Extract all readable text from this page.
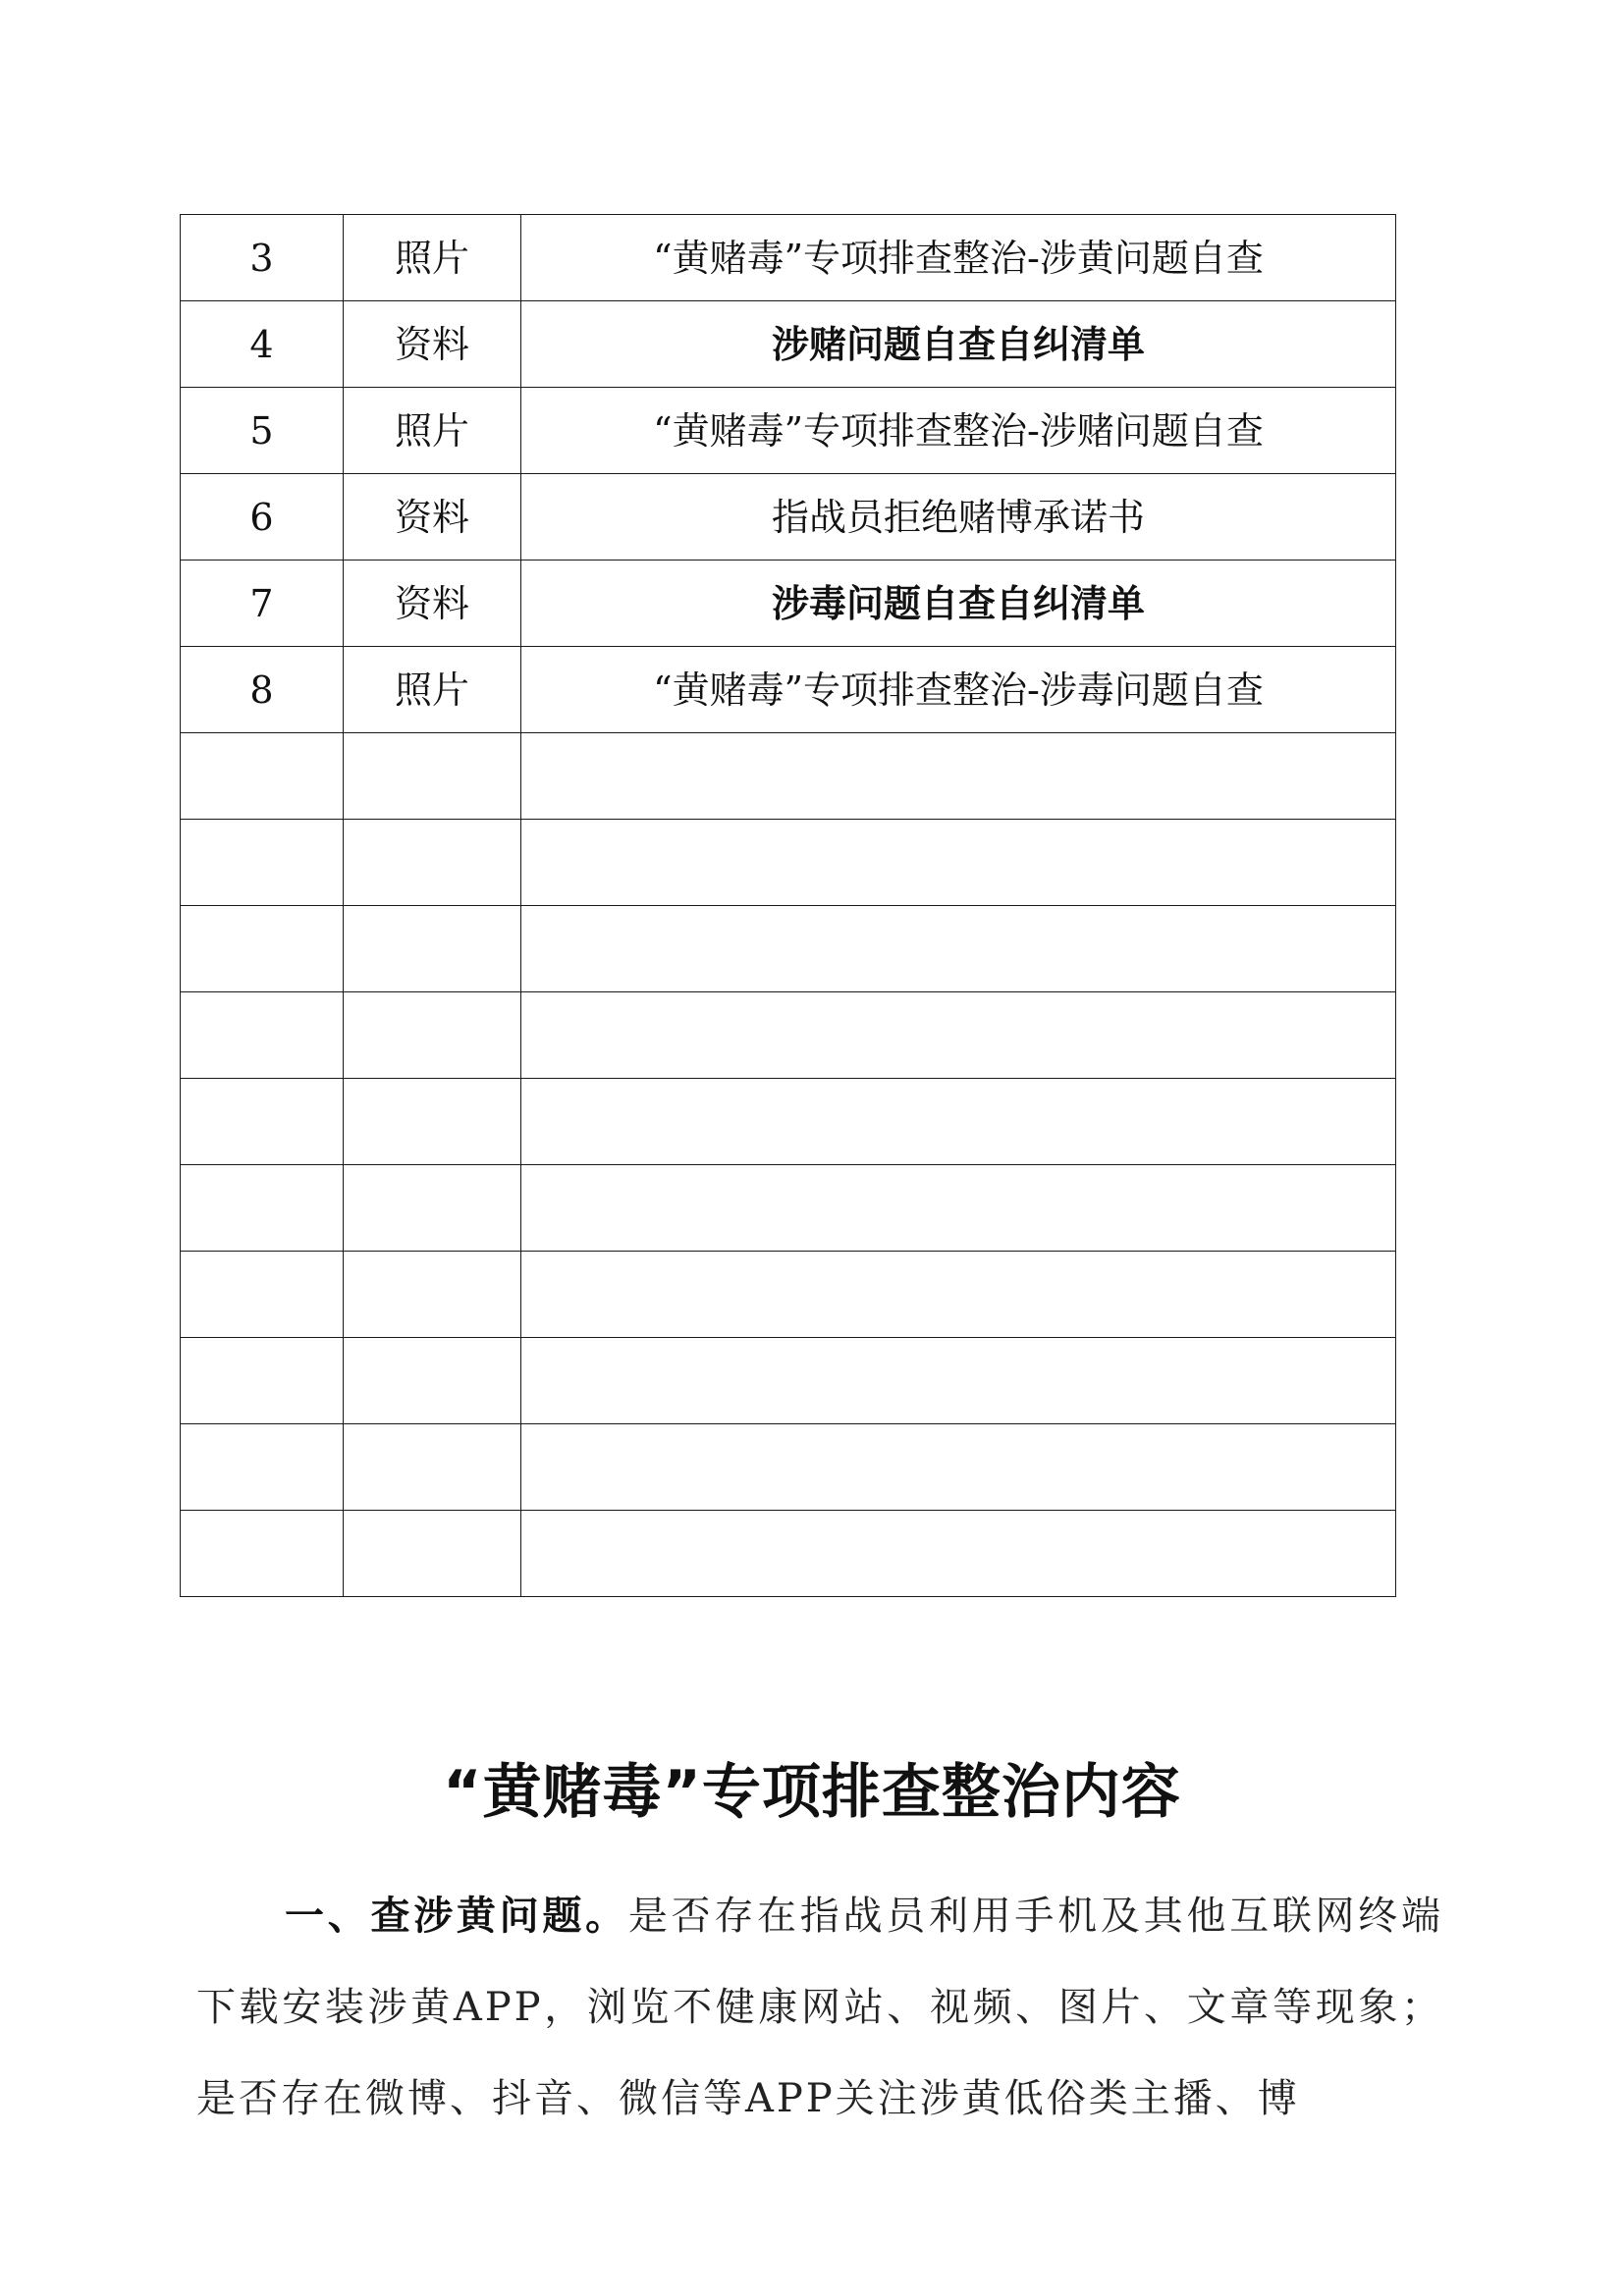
3	照片	“黄赌毒”专项排查整治-涉黄问题自查
4	资料	涉赌问题自查自纠清单
5	照片	“黄赌毒”专项排查整治-涉赌问题自查
6	资料	指战员拒绝赌博承诺书
7	资料	涉毒问题自查自纠清单
8	照片	“黄赌毒”专项排查整治-涉毒问题自查

“黄赌毒”专项排查整治内容

一、查涉黄问题。是否存在指战员利用手机及其他互联网终端下载安装涉黄APP，浏览不健康网站、视频、图片、文章等现象；是否存在微博、抖音、微信等APP关注涉黄低俗类主播、博
